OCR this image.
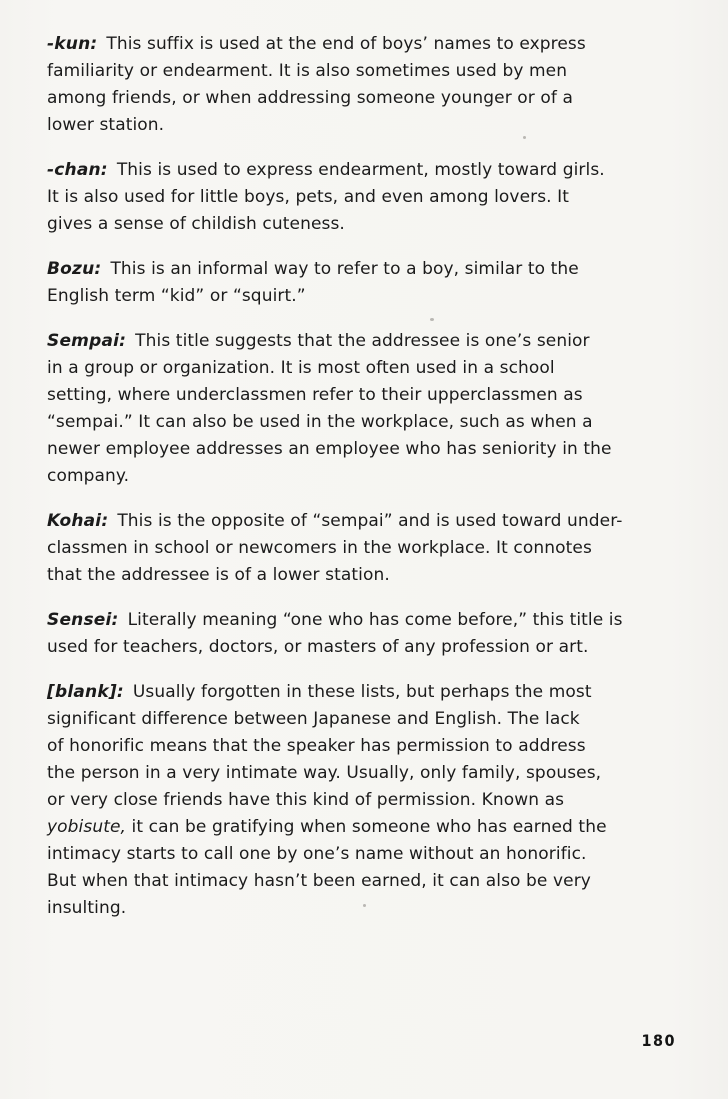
-kun: This suffix is used at the end of boys’ names to express
familiarity or endearment. It is also sometimes used by men
among friends, or when addressing someone younger or of a
lower station.
-chan: This is used to express endearment, mostly toward girls.
It is also used for little boys, pets, and even among lovers. It
gives a sense of childish cuteness.
Bozu: This is an informal way to refer to a boy, similar to the
English term “kid” or “squirt.”
Sempai: This title suggests that the addressee is one’s senior
in a group or organization. It is most often used in a school
setting, where underclassmen refer to their upperclassmen as
“sempai.” It can also be used in the workplace, such as when a
newer employee addresses an employee who has seniority in the
company.
Kohai: This is the opposite of “sempai” and is used toward under-
classmen in school or newcomers in the workplace. It connotes
that the addressee is of a lower station.
Sensei: Literally meaning “one who has come before,” this title is
used for teachers, doctors, or masters of any profession or art.
[blank]: Usually forgotten in these lists, but perhaps the most
significant difference between Japanese and English. The lack
of honorific means that the speaker has permission to address
the person in a very intimate way. Usually, only family, spouses,
or very close friends have this kind of permission. Known as
yobisute, it can be gratifying when someone who has earned the
intimacy starts to call one by one’s name without an honorific.
But when that intimacy hasn’t been earned, it can also be very
insulting.
180
